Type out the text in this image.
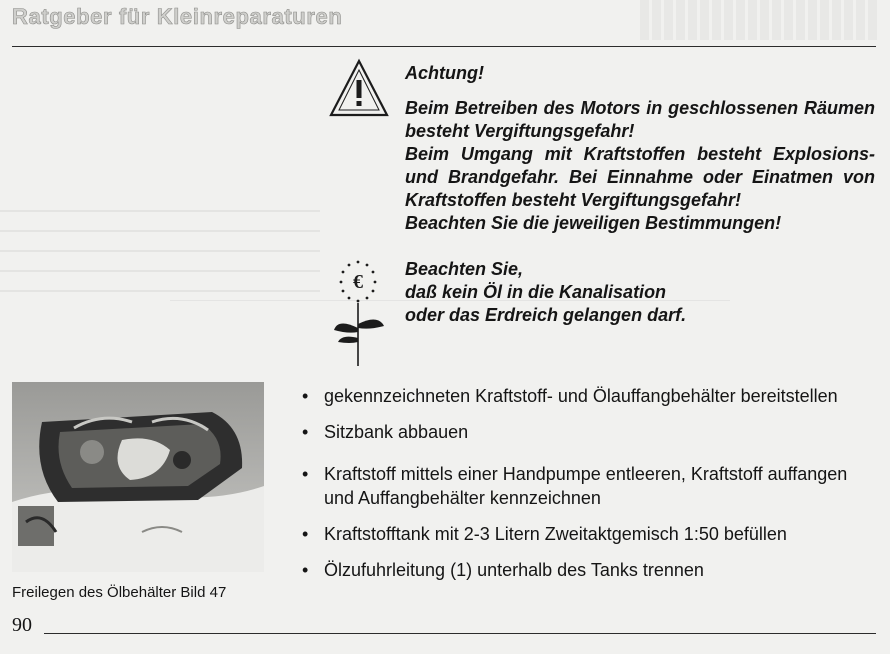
Ratgeber für Kleinreparaturen
Achtung!
Beim Betreiben des Motors in geschlossenen Räumen besteht Vergiftungsgefahr!
Beim Umgang mit Kraftstoffen besteht Explosions- und Brandgefahr. Bei Einnahme oder Einatmen von Kraftstoffen besteht Vergiftungsgefahr!
Beachten Sie die jeweiligen Bestimmungen!
€
Beachten Sie,
daß kein Öl in die Kanalisation
oder das Erdreich gelangen darf.
Freilegen des Ölbehälter Bild 47
• gekennzeichneten Kraftstoff- und Ölauffangbehälter bereitstellen
• Sitzbank abbauen
• Kraftstoff mittels einer Handpumpe entleeren, Kraftstoff auffangen und Auffangbehälter kennzeichnen
• Kraftstofftank mit 2-3 Litern Zweitaktgemisch 1:50 befüllen
• Ölzufuhrleitung (1) unterhalb des Tanks trennen
90
